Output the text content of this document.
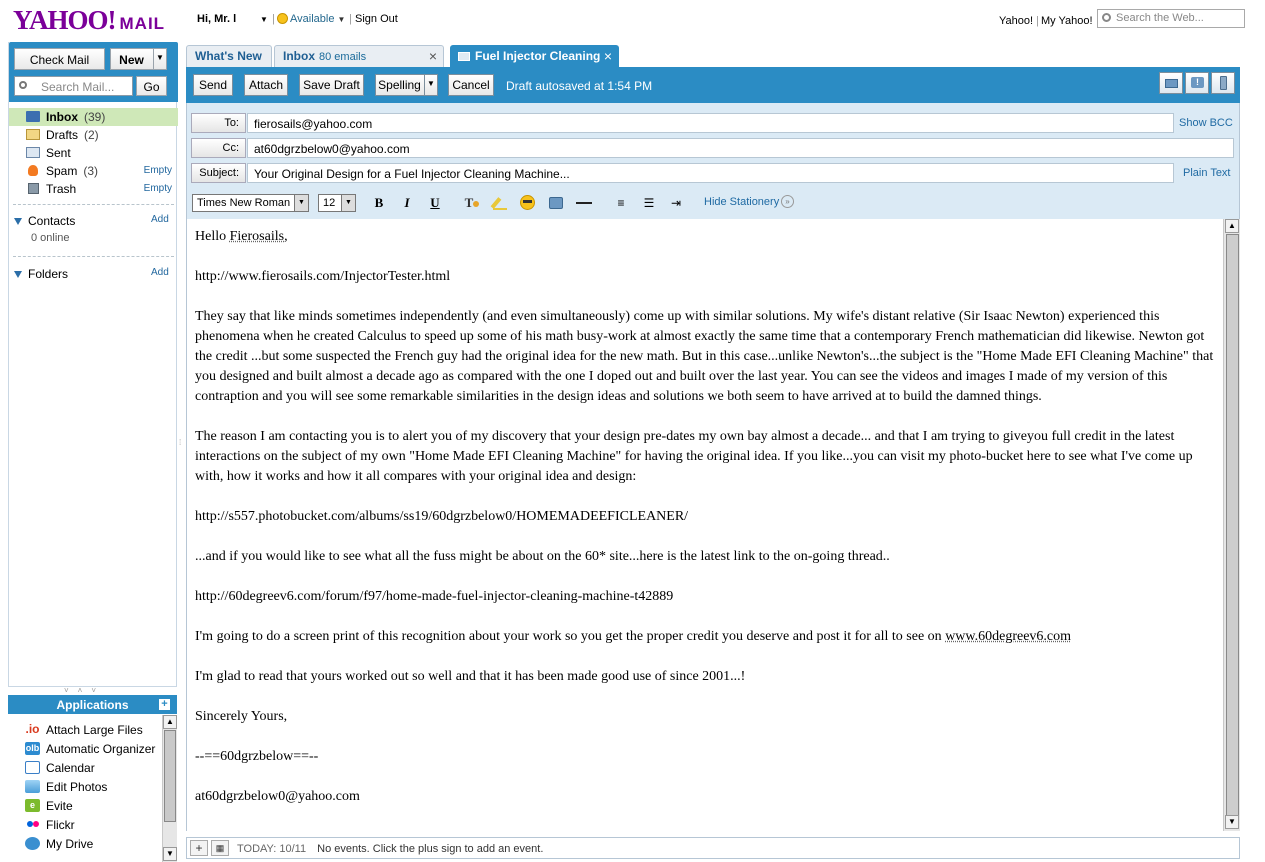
YAHOO! MAIL	Hi, Mr. l	▼ |	Available ▼ | Sign Out	Yahoo! | My Yahoo!	Search the Web...
Check Mail	New	▼
Search Mail...	Go
Inbox (39)
Drafts (2)
Sent
Spam (3)	Empty
Trash	Empty
Contacts	Add
0 online
Folders	Add
˅˄˅
Applications	+
.io Attach Large Files
olb Automatic Organizer
Calendar
Edit Photos
e Evite
Flickr
My Drive
▲
▼
What's New	Inbox 80 emails	×	Fuel Injector Cleaning ×
Send	Attach	Save Draft	Spelling ▼	Cancel	Draft autosaved at 1:54 PM	!
To:	fierosails@yahoo.com	Show BCC
Cc:	at60dgrzbelow0@yahoo.com
Subject:	Your Original Design for a Fuel Injector Cleaning Machine...	Plain Text
Times New Roman	▼	12	▼	B	I	U	T	≡	☰	⇥	Hide Stationery »

Hello Fierosails,

http://www.fierosails.com/InjectorTester.html

They say that like minds sometimes independently (and even simultaneously) come up with similar solutions. My wife's distant relative (Sir Isaac Newton) experienced this phenomena when he created Calculus to speed up some of his math busy-work at almost exactly the same time that a contemporary French mathematician did likewise. Newton got the credit ...but some suspected the French guy had the original idea for the new math. But in this case...unlike Newton's...the subject is the "Home Made EFI Cleaning Machine" that you designed and built almost a decade ago as compared with the one I doped out and built over the last year. You can see the videos and images I made of my version of this contraption and you will see some remarkable similarities in the design ideas and solutions we both seem to have arrived at to build the damned things.

The reason I am contacting you is to alert you of my discovery that your design pre-dates my own bay almost a decade... and that I am trying to giveyou full credit in the latest interactions on the subject of my own "Home Made EFI Cleaning Machine" for having the original idea. If you like...you can visit my photo-bucket here to see what I've come up with, how it works and how it all compares with your original idea and design:

http://s557.photobucket.com/albums/ss19/60dgrzbelow0/HOMEMADEEFICLEANER/

...and if you would like to see what all the fuss might be about on the 60* site...here is the latest link to the on-going thread..

http://60degreev6.com/forum/f97/home-made-fuel-injector-cleaning-machine-t42889

I'm going to do a screen print of this recognition about your work so you get the proper credit you deserve and post it for all to see on www.60degreev6.com

I'm glad to read that yours worked out so well and that it has been made good use of since 2001...!

Sincerely Yours,

--==60dgrzbelow==--

at60dgrzbelow0@yahoo.com

▲
▼
⁞
+	▦	TODAY: 10/11 No events. Click the plus sign to add an event.
